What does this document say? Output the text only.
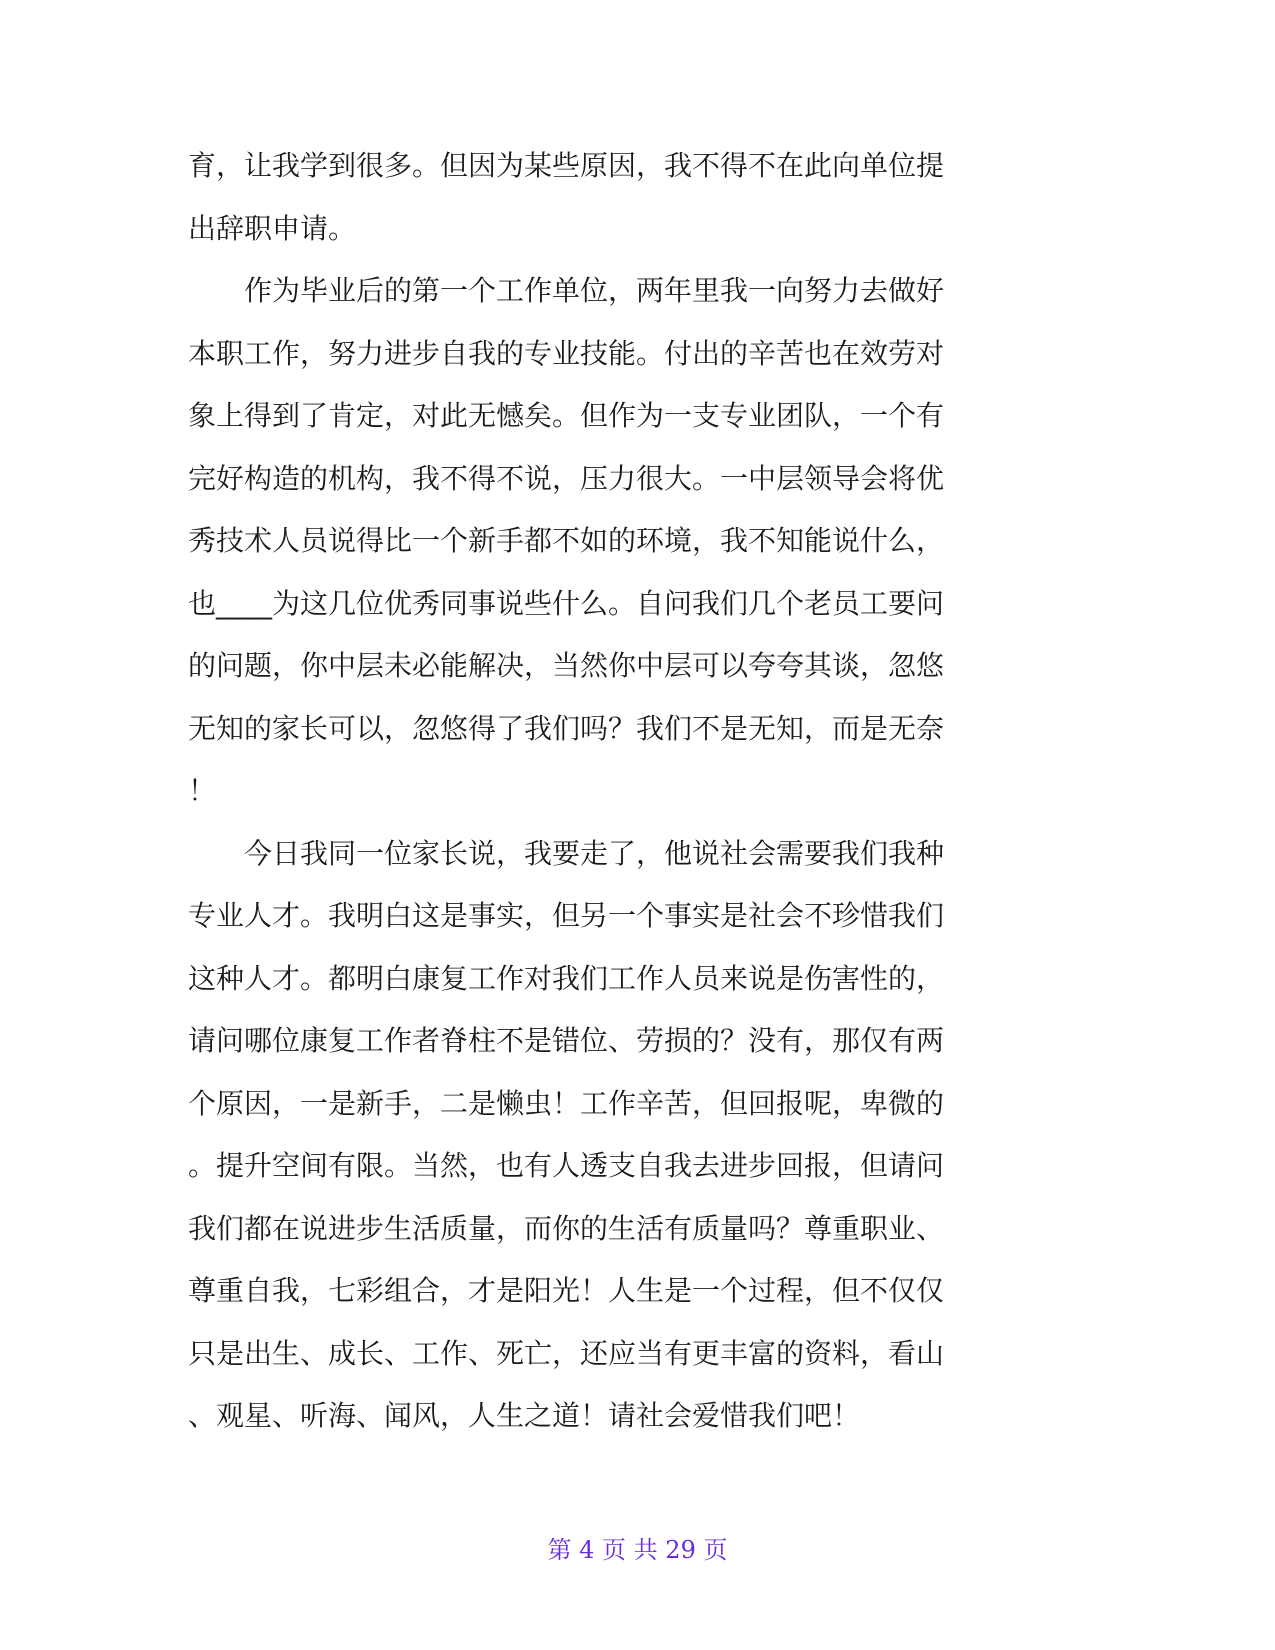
育，让我学到很多。但因为某些原因，我不得不在此向单位提
出辞职申请。
　　作为毕业后的第一个工作单位，两年里我一向努力去做好
本职工作，努力进步自我的专业技能。付出的辛苦也在效劳对
象上得到了肯定，对此无憾矣。但作为一支专业团队，一个有
完好构造的机构，我不得不说，压力很大。一中层领导会将优
秀技术人员说得比一个新手都不如的环境，我不知能说什么，
也____为这几位优秀同事说些什么。自问我们几个老员工要问
的问题，你中层未必能解决，当然你中层可以夸夸其谈，忽悠
无知的家长可以，忽悠得了我们吗？我们不是无知，而是无奈
！
　　今日我同一位家长说，我要走了，他说社会需要我们我种
专业人才。我明白这是事实，但另一个事实是社会不珍惜我们
这种人才。都明白康复工作对我们工作人员来说是伤害性的，
请问哪位康复工作者脊柱不是错位、劳损的？没有，那仅有两
个原因，一是新手，二是懒虫！工作辛苦，但回报呢，卑微的
。提升空间有限。当然，也有人透支自我去进步回报，但请问
我们都在说进步生活质量，而你的生活有质量吗？尊重职业、
尊重自我，七彩组合，才是阳光！人生是一个过程，但不仅仅
只是出生、成长、工作、死亡，还应当有更丰富的资料，看山
、观星、听海、闻风，人生之道！请社会爱惜我们吧！
第 4 页 共 29 页
